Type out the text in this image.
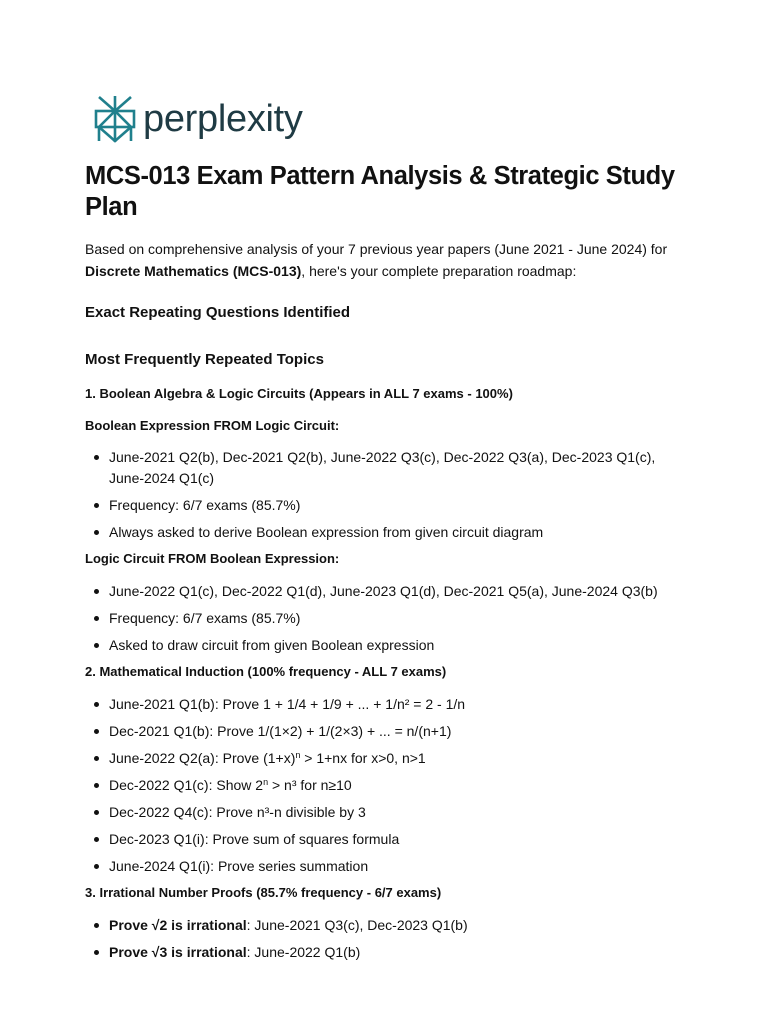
perplexity
MCS-013 Exam Pattern Analysis & Strategic Study Plan

Based on comprehensive analysis of your 7 previous year papers (June 2021 - June 2024) for Discrete Mathematics (MCS-013), here's your complete preparation roadmap:

Exact Repeating Questions Identified
Most Frequently Repeated Topics
1. Boolean Algebra & Logic Circuits (Appears in ALL 7 exams - 100%)
Boolean Expression FROM Logic Circuit:
June-2021 Q2(b), Dec-2021 Q2(b), June-2022 Q3(c), Dec-2022 Q3(a), Dec-2023 Q1(c), June-2024 Q1(c)
Frequency: 6/7 exams (85.7%)
Always asked to derive Boolean expression from given circuit diagram
Logic Circuit FROM Boolean Expression:
June-2022 Q1(c), Dec-2022 Q1(d), June-2023 Q1(d), Dec-2021 Q5(a), June-2024 Q3(b)
Frequency: 6/7 exams (85.7%)
Asked to draw circuit from given Boolean expression
2. Mathematical Induction (100% frequency - ALL 7 exams)
June-2021 Q1(b): Prove 1 + 1/4 + 1/9 + ... + 1/n² = 2 - 1/n
Dec-2021 Q1(b): Prove 1/(1×2) + 1/(2×3) + ... = n/(n+1)
June-2022 Q2(a): Prove $(1+x)^n > 1+nx$ for x>0, n>1
Dec-2022 Q1(c): Show $2^n > n^3$ for n≥10
Dec-2022 Q4(c): Prove n³-n divisible by 3
Dec-2023 Q1(i): Prove sum of squares formula
June-2024 Q1(i): Prove series summation
3. Irrational Number Proofs (85.7% frequency - 6/7 exams)
Prove √2 is irrational: June-2021 Q3(c), Dec-2023 Q1(b)
Prove √3 is irrational: June-2022 Q1(b)
